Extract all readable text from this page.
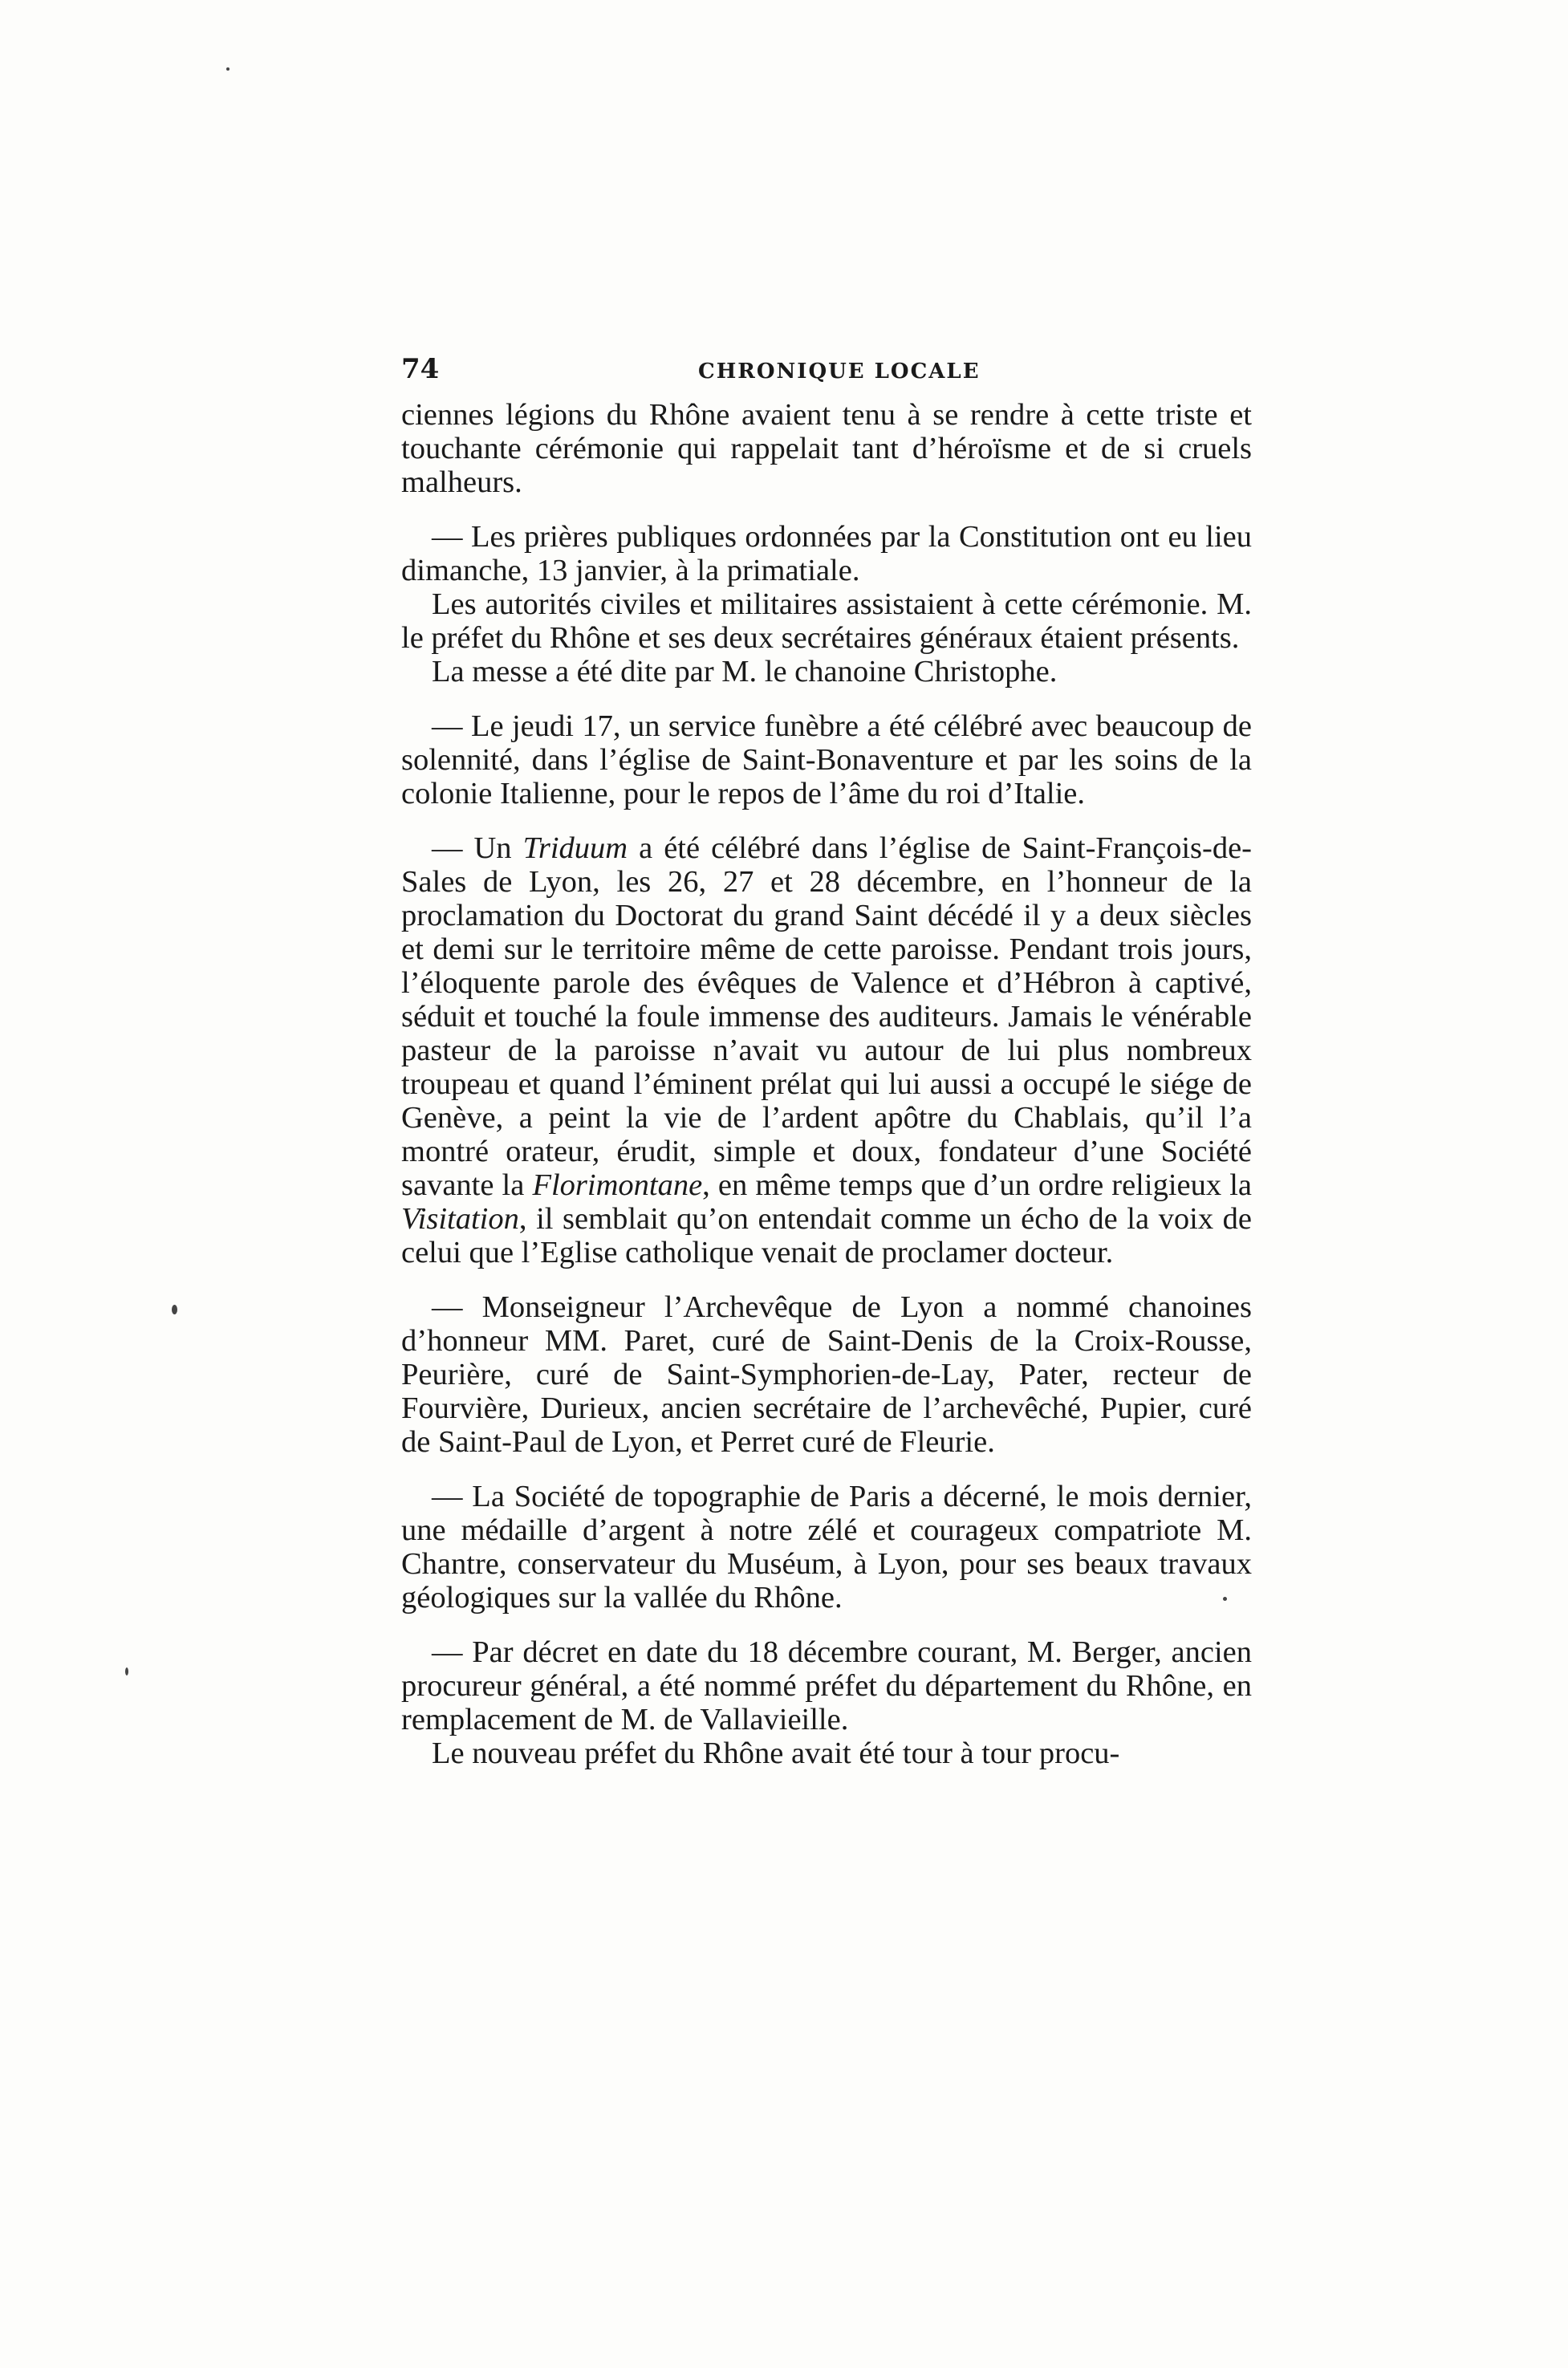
74	CHRONIQUE LOCALE

ciennes légions du Rhône avaient tenu à se rendre à cette triste et touchante cérémonie qui rappelait tant d’héroïsme et de si cruels malheurs.

— Les prières publiques ordonnées par la Constitution ont eu lieu dimanche, 13 janvier, à la primatiale.

Les autorités civiles et militaires assistaient à cette cérémonie. M. le préfet du Rhône et ses deux secrétaires généraux étaient présents.

La messe a été dite par M. le chanoine Christophe.

— Le jeudi 17, un service funèbre a été célébré avec beaucoup de solennité, dans l’église de Saint-Bonaventure et par les soins de la colonie Italienne, pour le repos de l’âme du roi d’Italie.

— Un Triduum a été célébré dans l’église de Saint-François-de-Sales de Lyon, les 26, 27 et 28 décembre, en l’honneur de la proclamation du Doctorat du grand Saint décédé il y a deux siècles et demi sur le territoire même de cette paroisse. Pendant trois jours, l’éloquente parole des évêques de Valence et d’Hébron à captivé, séduit et touché la foule immense des auditeurs. Jamais le vénérable pasteur de la paroisse n’avait vu autour de lui plus nombreux troupeau et quand l’éminent prélat qui lui aussi a occupé le siége de Genève, a peint la vie de l’ardent apôtre du Chablais, qu’il l’a montré orateur, érudit, simple et doux, fondateur d’une Société savante la Florimontane, en même temps que d’un ordre religieux la Visitation, il semblait qu’on entendait comme un écho de la voix de celui que l’Eglise catholique venait de proclamer docteur.

— Monseigneur l’Archevêque de Lyon a nommé chanoines d’honneur MM. Paret, curé de Saint-Denis de la Croix-Rousse, Peurière, curé de Saint-Symphorien-de-Lay, Pater, recteur de Fourvière, Durieux, ancien secrétaire de l’archevêché, Pupier, curé de Saint-Paul de Lyon, et Perret curé de Fleurie.

— La Société de topographie de Paris a décerné, le mois dernier, une médaille d’argent à notre zélé et courageux compatriote M. Chantre, conservateur du Muséum, à Lyon, pour ses beaux travaux géologiques sur la vallée du Rhône.

— Par décret en date du 18 décembre courant, M. Berger, ancien procureur général, a été nommé préfet du département du Rhône, en remplacement de M. de Vallavieille.

Le nouveau préfet du Rhône avait été tour à tour procu-
